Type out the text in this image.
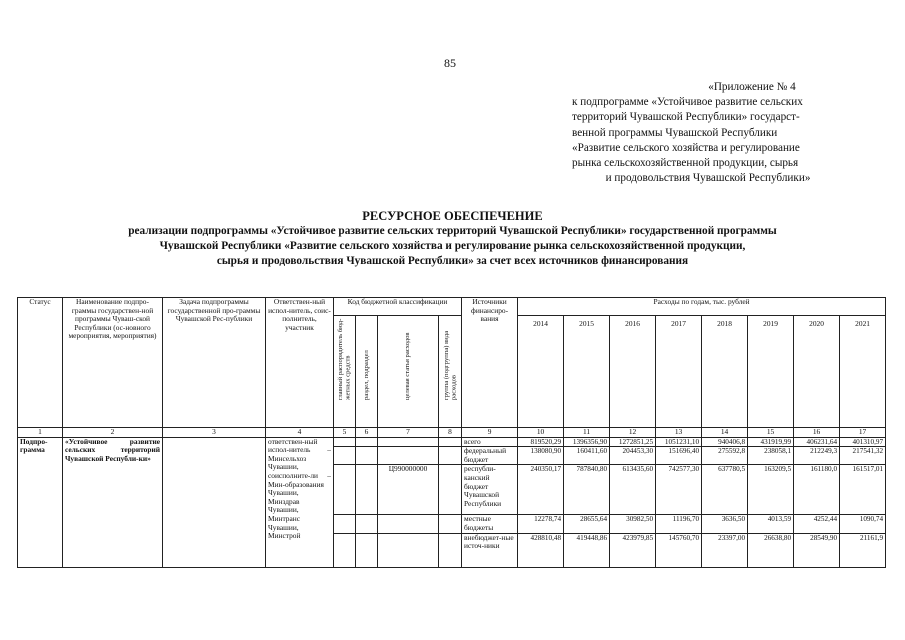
85
«Приложение № 4
к подпрограмме «Устойчивое развитие сельских
территорий Чувашской Республики» государст-
венной программы Чувашской Республики
«Развитие сельского хозяйства и регулирование
рынка сельскохозяйственной продукции, сырья
и продовольствия Чувашской Республики»
РЕСУРСНОЕ ОБЕСПЕЧЕНИЕ
реализации подпрограммы «Устойчивое развитие сельских территорий Чувашской Республики» государственной программы
Чувашской Республики «Развитие сельского хозяйства и регулирование рынка сельскохозяйственной продукции,
сырья и продовольствия Чувашской Республики» за счет всех источников финансирования
Статус	Наименование подпро-граммы государствен-ной программы Чуваш-ской Республики (ос-новного мероприятия, мероприятия)	Задача подпрограммы государственной про-граммы Чувашской Рес-публики	Ответствен-ный испол-нитель, соис-полнитель, участник	Код бюджетной классификации				Источники финансиро-вания	Расходы по годам, тыс. рублей							

				главный распорядитель бюд-жетных средств	раздел, подраздел	целевая статья расходов	группа (подгруппа) вида расходов		2014	2015	2016	2017	2018	2019	2020	2021

1	2	3	4	5	6	7	8	9	10	11	12	13	14	15	16	17
Подпро-грамма	«Устойчивое развитие сельских территорий Чувашской Республи-ки»		ответствен-ный испол-нитель – Минсельхоз Чувашии, соисполните-ли – Мин-образования Чувашии, Минздрав Чувашии, Минтранс Чувашии, Минстрой					всего	819520,29	1396356,90	1272851,25	1051231,10	940406,8	431919,99	406231,64	401310,97
								федеральный бюджет	138080,90	160411,60	204453,30	151696,40	275592,8	238058,1	212249,3	217541,32
						Ц990000000		республи-канский бюджет Чувашской Республики	240350,17	787840,80	613435,60	742577,30	637780,5	163209,5	161180,0	161517,01
								местные бюджеты	12278,74	28655,64	30982,50	11196,70	3636,50	4013,59	4252,44	1090,74
								внебюджет-ные источ-ники	428810,48	419448,86	423979,85	145760,70	23397,00	26638,80	28549,90	21161,9
